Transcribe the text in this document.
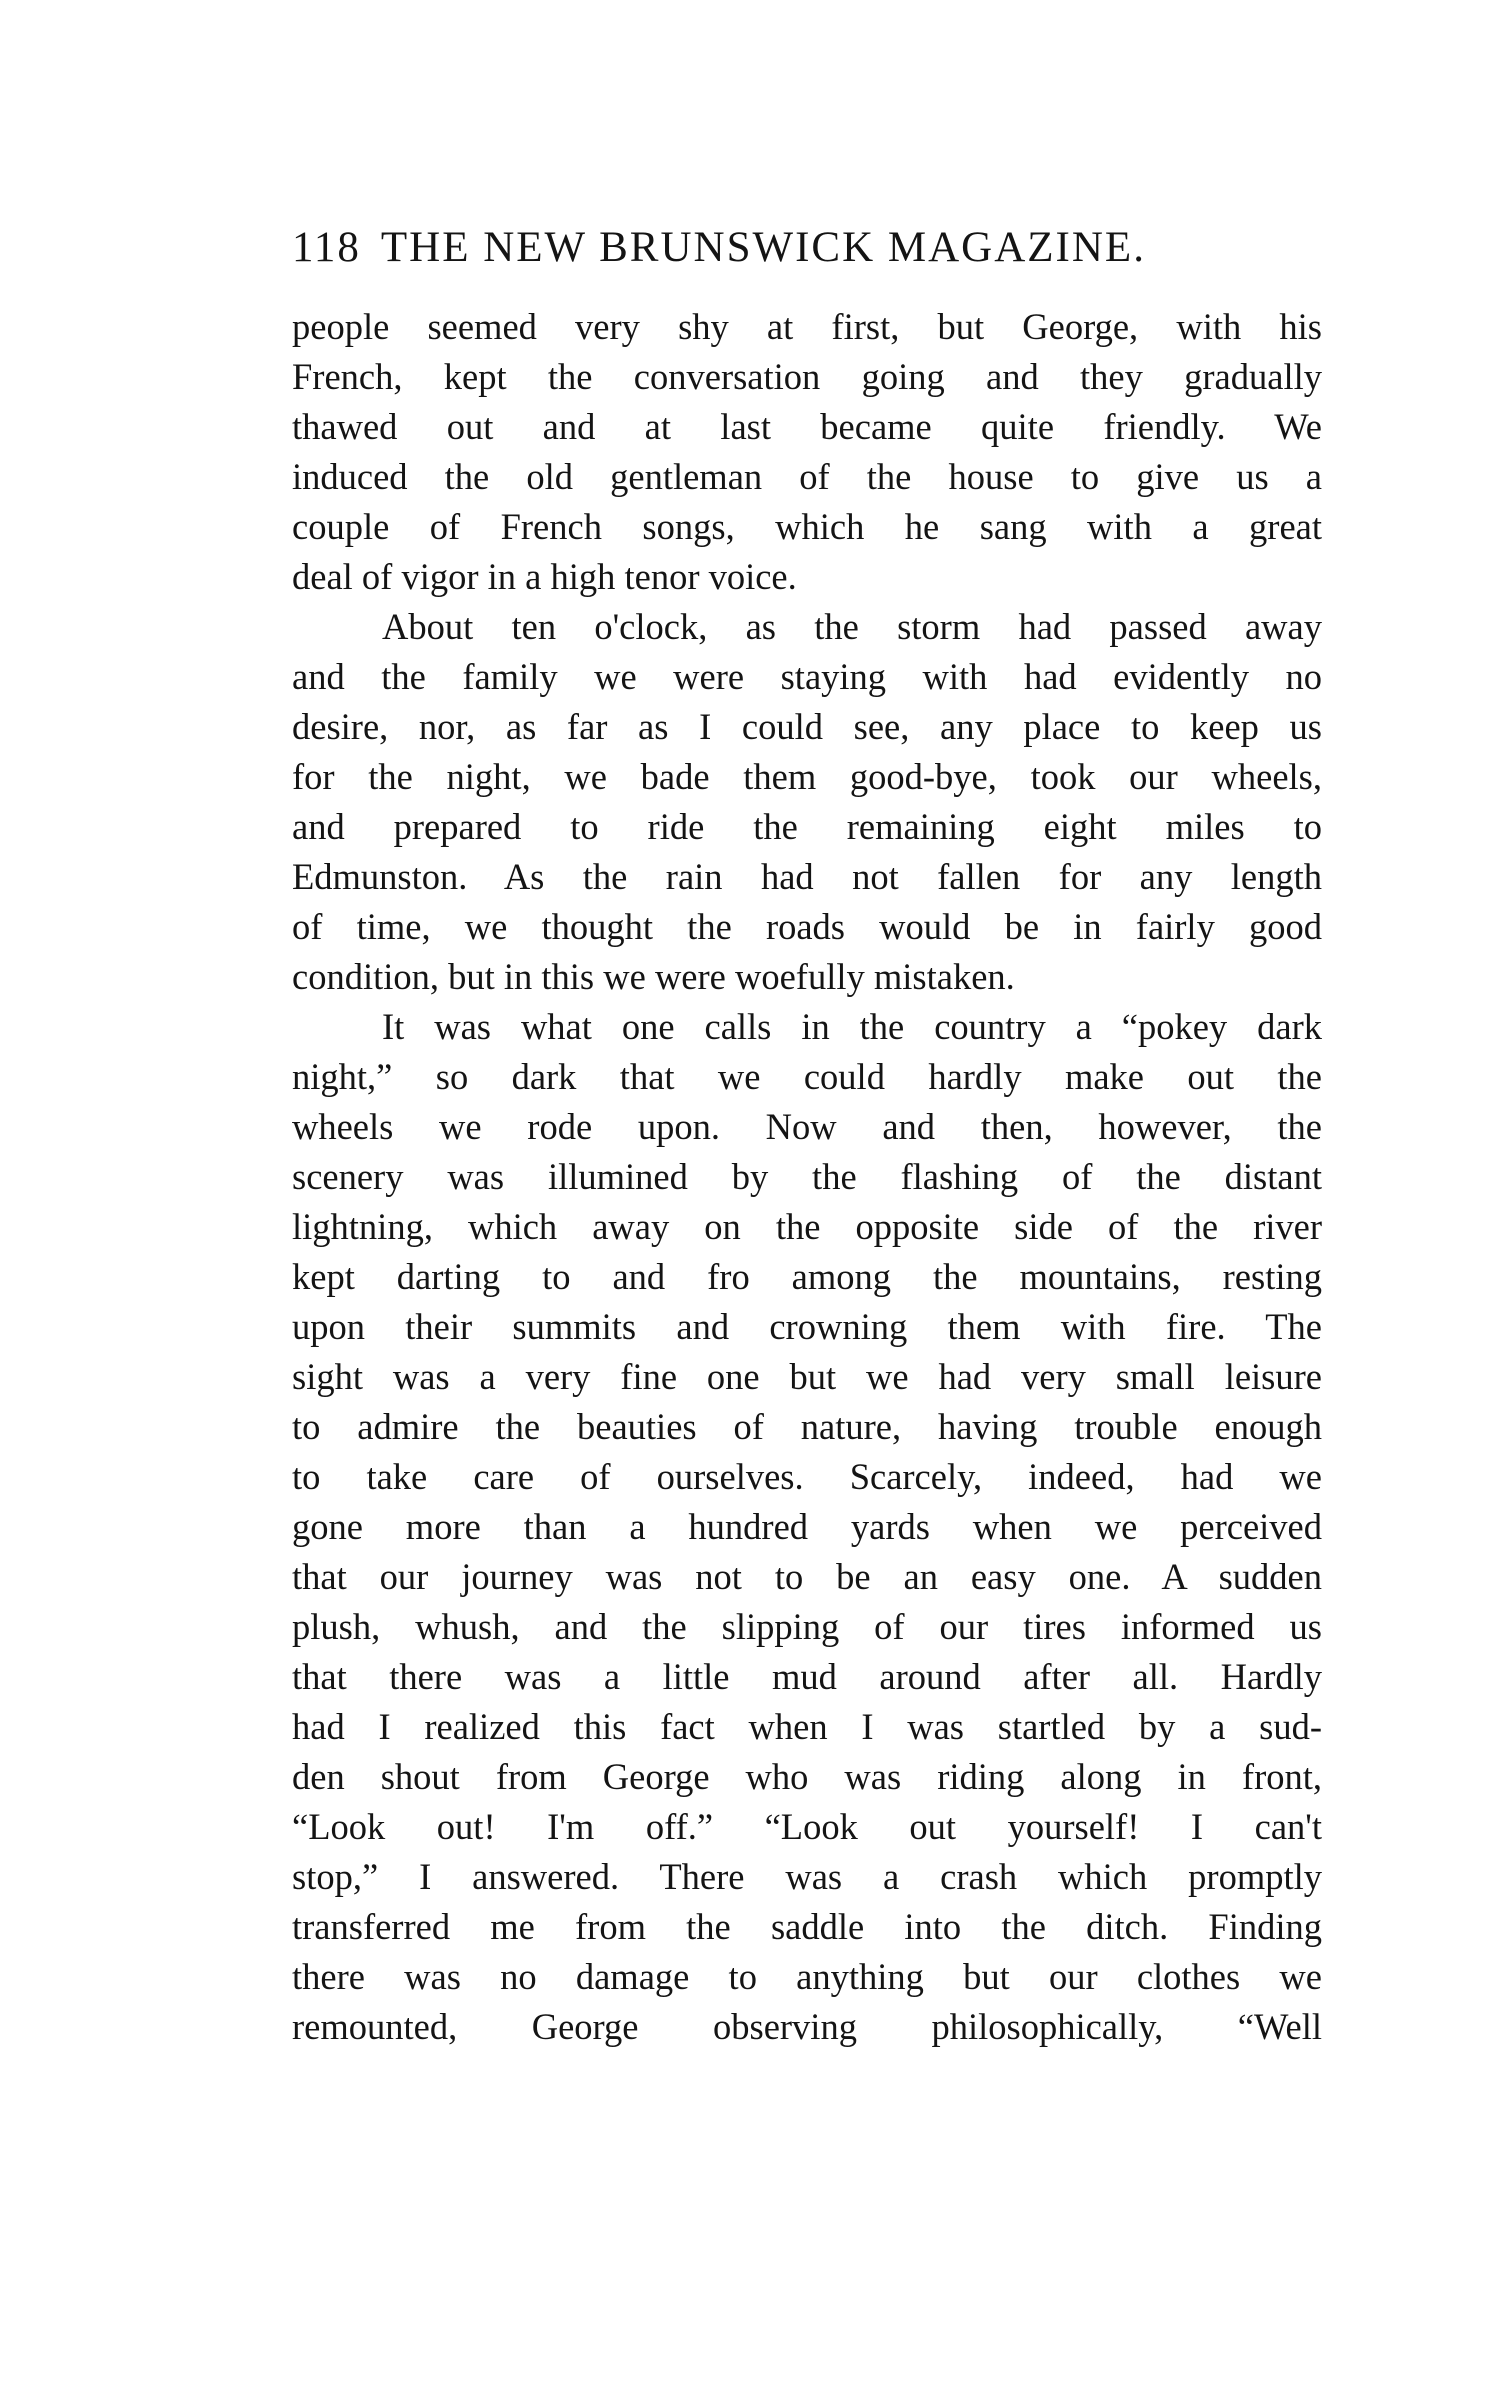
118 THE NEW BRUNSWICK MAGAZINE.
people seemed very shy at first, but George, with his
French, kept the conversation going and they gradually
thawed out and at last became quite friendly. We
induced the old gentleman of the house to give us a
couple of French songs, which he sang with a great
deal of vigor in a high tenor voice.
About ten o'clock, as the storm had passed away
and the family we were staying with had evidently no
desire, nor, as far as I could see, any place to keep us
for the night, we bade them good-bye, took our wheels,
and prepared to ride the remaining eight miles to
Edmunston. As the rain had not fallen for any length
of time, we thought the roads would be in fairly good
condition, but in this we were woefully mistaken.
It was what one calls in the country a “pokey dark
night,” so dark that we could hardly make out the
wheels we rode upon. Now and then, however, the
scenery was illumined by the flashing of the distant
lightning, which away on the opposite side of the river
kept darting to and fro among the mountains, resting
upon their summits and crowning them with fire. The
sight was a very fine one but we had very small leisure
to admire the beauties of nature, having trouble enough
to take care of ourselves. Scarcely, indeed, had we
gone more than a hundred yards when we perceived
that our journey was not to be an easy one. A sudden
plush, whush, and the slipping of our tires informed us
that there was a little mud around after all. Hardly
had I realized this fact when I was startled by a sud-
den shout from George who was riding along in front,
“Look out! I'm off.” “Look out yourself! I can't
stop,” I answered. There was a crash which promptly
transferred me from the saddle into the ditch. Finding
there was no damage to anything but our clothes we
remounted, George observing philosophically, “Well
